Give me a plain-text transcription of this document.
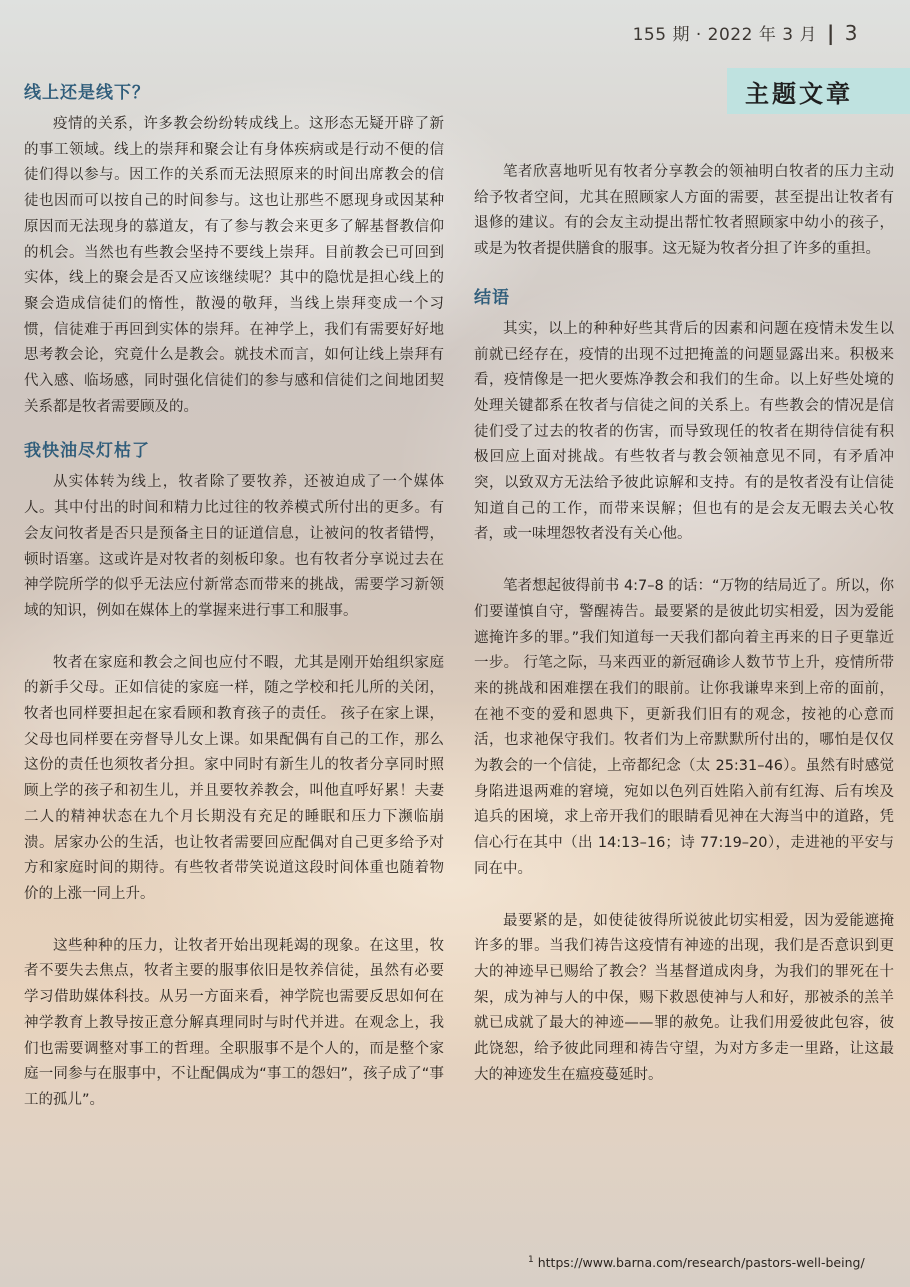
155 期 · 2022 年 3 月 | 3
主题文章
线上还是线下？

疫情的关系，许多教会纷纷转成线上。这形态无疑开辟了新的事工领域。线上的崇拜和聚会让有身体疾病或是行动不便的信徒们得以参与。因工作的关系而无法照原来的时间出席教会的信徒也因而可以按自己的时间参与。这也让那些不愿现身或因某种原因而无法现身的慕道友，有了参与教会来更多了解基督教信仰的机会。当然也有些教会坚持不要线上崇拜。目前教会已可回到实体，线上的聚会是否又应该继续呢？其中的隐忧是担心线上的聚会造成信徒们的惰性，散漫的敬拜，当线上崇拜变成一个习惯，信徒难于再回到实体的崇拜。在神学上，我们有需要好好地思考教会论，究竟什么是教会。就技术而言，如何让线上崇拜有代入感、临场感，同时强化信徒们的参与感和信徒们之间地团契关系都是牧者需要顾及的。

我快油尽灯枯了

从实体转为线上，牧者除了要牧养，还被迫成了一个媒体人。其中付出的时间和精力比过往的牧养模式所付出的更多。有会友问牧者是否只是预备主日的证道信息，让被问的牧者错愕，顿时语塞。这或许是对牧者的刻板印象。也有牧者分享说过去在神学院所学的似乎无法应付新常态而带来的挑战，需要学习新领域的知识，例如在媒体上的掌握来进行事工和服事。

牧者在家庭和教会之间也应付不暇，尤其是刚开始组织家庭的新手父母。正如信徒的家庭一样，随之学校和托儿所的关闭，牧者也同样要担起在家看顾和教育孩子的责任。 孩子在家上课，父母也同样要在旁督导儿女上课。如果配偶有自己的工作，那么这份的责任也须牧者分担。家中同时有新生儿的牧者分享同时照顾上学的孩子和初生儿，并且要牧养教会，叫他直呼好累！夫妻二人的精神状态在九个月长期没有充足的睡眠和压力下濒临崩溃。居家办公的生活，也让牧者需要回应配偶对自己更多给予对方和家庭时间的期待。有些牧者带笑说道这段时间体重也随着物价的上涨一同上升。

这些种种的压力，让牧者开始出现耗竭的现象。在这里，牧者不要失去焦点，牧者主要的服事依旧是牧养信徒，虽然有必要学习借助媒体科技。从另一方面来看，神学院也需要反思如何在神学教育上教导按正意分解真理同时与时代并进。在观念上，我们也需要调整对事工的哲理。全职服事不是个人的，而是整个家庭一同参与在服事中，不让配偶成为“事工的怨妇”，孩子成了“事工的孤儿”。

笔者欣喜地听见有牧者分享教会的领袖明白牧者的压力主动给予牧者空间，尤其在照顾家人方面的需要，甚至提出让牧者有退修的建议。有的会友主动提出帮忙牧者照顾家中幼小的孩子，或是为牧者提供膳食的服事。这无疑为牧者分担了许多的重担。

结语

其实，以上的种种好些其背后的因素和问题在疫情未发生以前就已经存在，疫情的出现不过把掩盖的问题显露出来。积极来看，疫情像是一把火要炼净教会和我们的生命。以上好些处境的处理关键都系在牧者与信徒之间的关系上。有些教会的情况是信徒们受了过去的牧者的伤害，而导致现任的牧者在期待信徒有积极回应上面对挑战。有些牧者与教会领袖意见不同，有矛盾冲突，以致双方无法给予彼此谅解和支持。有的是牧者没有让信徒知道自己的工作，而带来误解；但也有的是会友无暇去关心牧者，或一味埋怨牧者没有关心他。

笔者想起彼得前书 4:7–8 的话：“万物的结局近了。所以，你们要谨慎自守，警醒祷告。最要紧的是彼此切实相爱，因为爱能遮掩许多的罪。”我们知道每一天我们都向着主再来的日子更靠近一步。 行笔之际，马来西亚的新冠确诊人数节节上升，疫情所带来的挑战和困难摆在我们的眼前。让你我谦卑来到上帝的面前，在祂不变的爱和恩典下，更新我们旧有的观念，按祂的心意而活，也求祂保守我们。牧者们为上帝默默所付出的，哪怕是仅仅为教会的一个信徒，上帝都纪念（太 25:31–46）。虽然有时感觉身陷进退两难的窘境，宛如以色列百姓陷入前有红海、后有埃及追兵的困境，求上帝开我们的眼睛看见神在大海当中的道路，凭信心行在其中（出 14:13–16；诗 77:19–20），走进祂的平安与同在中。

最要紧的是，如使徒彼得所说彼此切实相爱，因为爱能遮掩许多的罪。当我们祷告这疫情有神迹的出现，我们是否意识到更大的神迹早已赐给了教会？当基督道成肉身，为我们的罪死在十架，成为神与人的中保，赐下救恩使神与人和好，那被杀的羔羊就已成就了最大的神迹——罪的赦免。让我们用爱彼此包容，彼此饶恕，给予彼此同理和祷告守望，为对方多走一里路，让这最大的神迹发生在瘟疫蔓延时。

$^1$ https://www.barna.com/research/pastors-well-being/
